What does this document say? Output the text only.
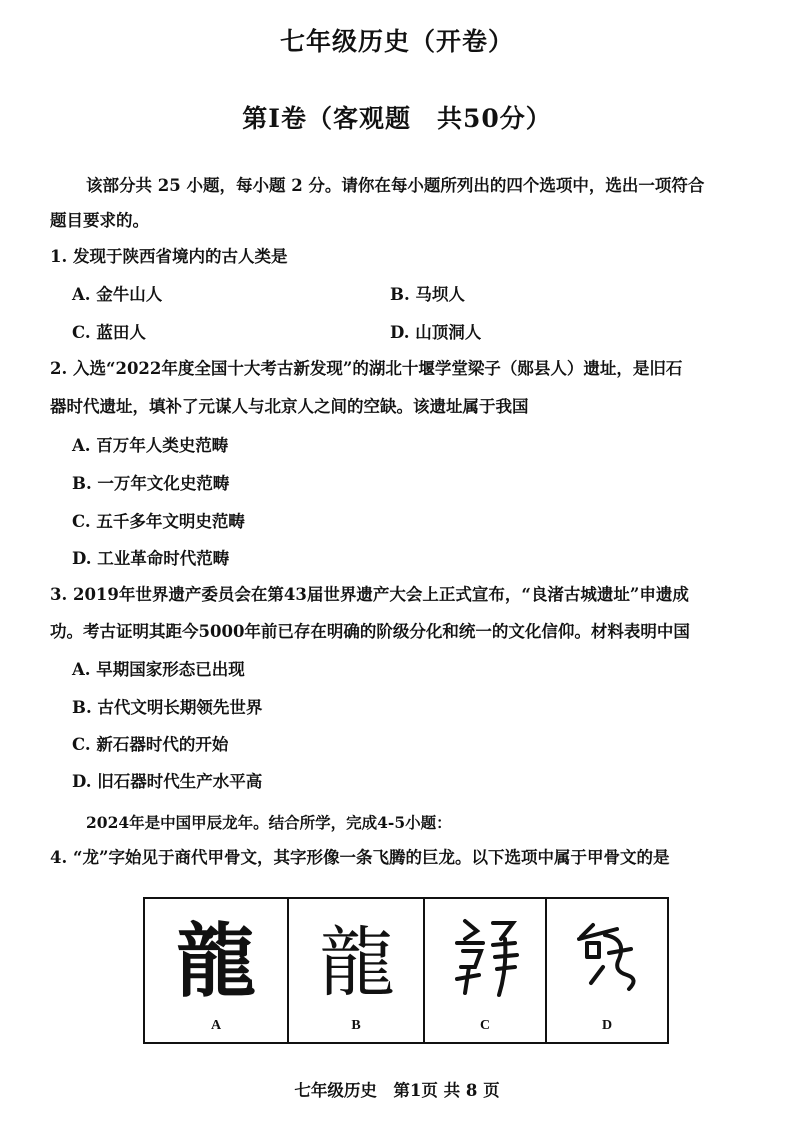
七年级历史（开卷）
第Ⅰ卷（客观题　共50分）
该部分共 25 小题，每小题 2 分。请你在每小题所列出的四个选项中，选出一项符合
题目要求的。
1. 发现于陕西省境内的古人类是
A. 金牛山人	B. 马坝人
C. 蓝田人	D. 山顶洞人
2. 入选“2022年度全国十大考古新发现”的湖北十堰学堂梁子（郧县人）遗址，是旧石
器时代遗址，填补了元谋人与北京人之间的空缺。该遗址属于我国
A. 百万年人类史范畴
B. 一万年文化史范畴
C. 五千多年文明史范畴
D. 工业革命时代范畴
3. 2019年世界遗产委员会在第43届世界遗产大会上正式宣布，“良渚古城遗址”申遗成
功。考古证明其距今5000年前已存在明确的阶级分化和统一的文化信仰。材料表明中国
A. 早期国家形态已出现
B. 古代文明长期领先世界
C. 新石器时代的开始
D. 旧石器时代生产水平高
2024年是中国甲辰龙年。结合所学，完成4-5小题：
4. “龙”字始见于商代甲骨文，其字形像一条飞腾的巨龙。以下选项中属于甲骨文的是
龍
A
龍
B	C	D
七年级历史　第1页 共 8 页
